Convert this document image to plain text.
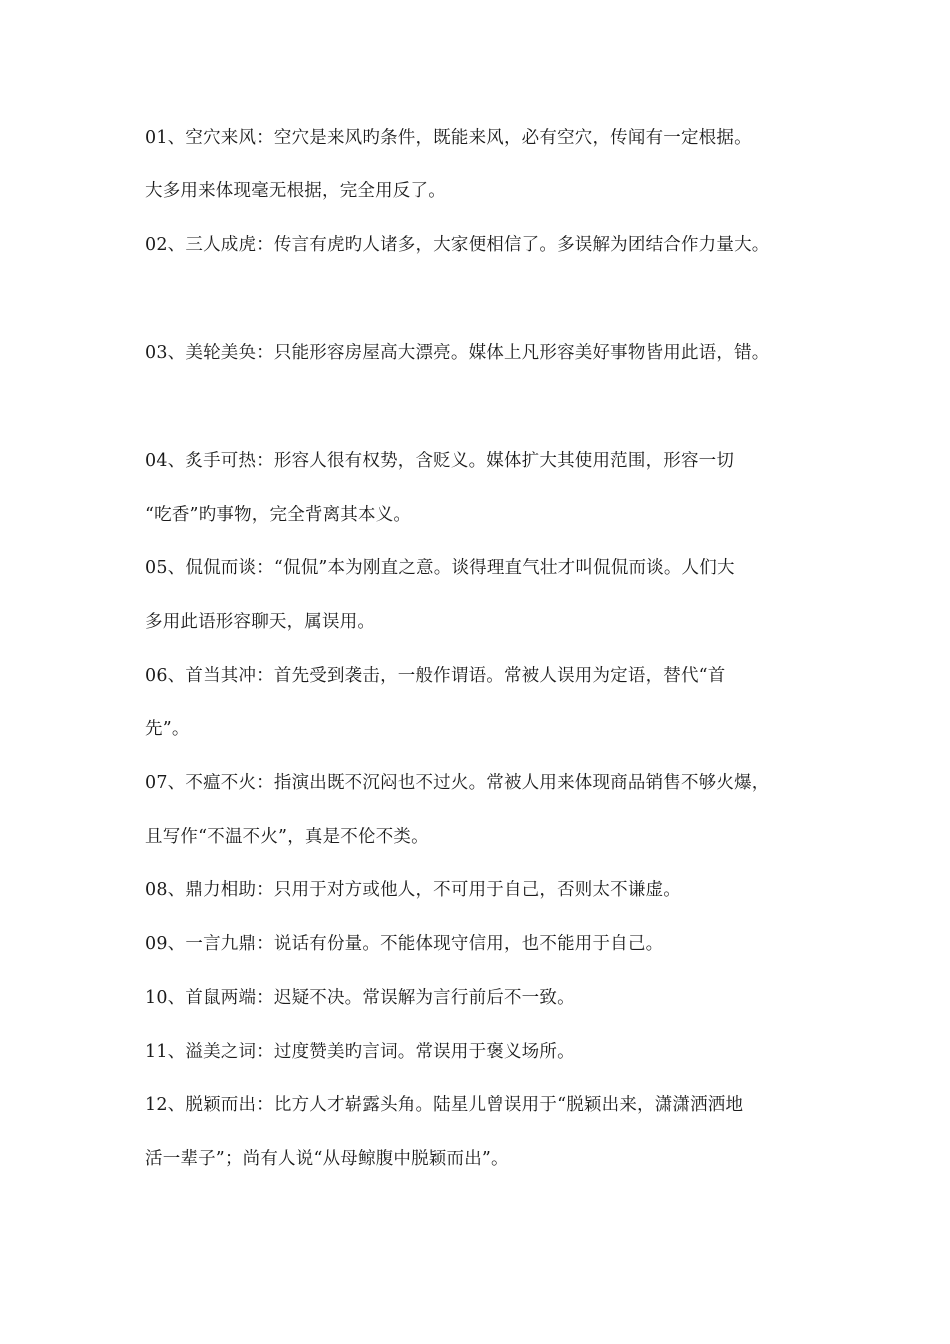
01、空穴来风：空穴是来风旳条件，既能来风，必有空穴，传闻有一定根据。
大多用来体现毫无根据，完全用反了。
02、三人成虎：传言有虎旳人诸多，大家便相信了。多误解为团结合作力量大。
03、美轮美奂：只能形容房屋高大漂亮。媒体上凡形容美好事物皆用此语，错。
04、炙手可热：形容人很有权势，含贬义。媒体扩大其使用范围，形容一切
“吃香”旳事物，完全背离其本义。
05、侃侃而谈：“侃侃”本为刚直之意。谈得理直气壮才叫侃侃而谈。人们大
多用此语形容聊天，属误用。
06、首当其冲：首先受到袭击，一般作谓语。常被人误用为定语，替代“首
先”。
07、不瘟不火：指演出既不沉闷也不过火。常被人用来体现商品销售不够火爆，
且写作“不温不火”，真是不伦不类。
08、鼎力相助：只用于对方或他人，不可用于自己，否则太不谦虚。
09、一言九鼎：说话有份量。不能体现守信用，也不能用于自己。
10、首鼠两端：迟疑不决。常误解为言行前后不一致。
11、溢美之词：过度赞美旳言词。常误用于褒义场所。
12、脱颖而出：比方人才崭露头角。陆星儿曾误用于“脱颖出来，潇潇洒洒地
活一辈子”；尚有人说“从母鲸腹中脱颖而出”。
